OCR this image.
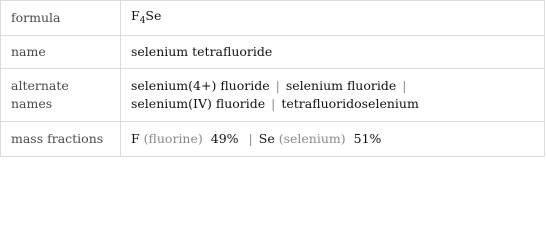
formula	$F_4Se$
name	selenium tetrafluoride
alternate names	selenium(4+) fluoride | selenium fluoride |
selenium(IV) fluoride | tetrafluoridoselenium
mass fractions	F (fluorine) 49% | Se (selenium) 51%
